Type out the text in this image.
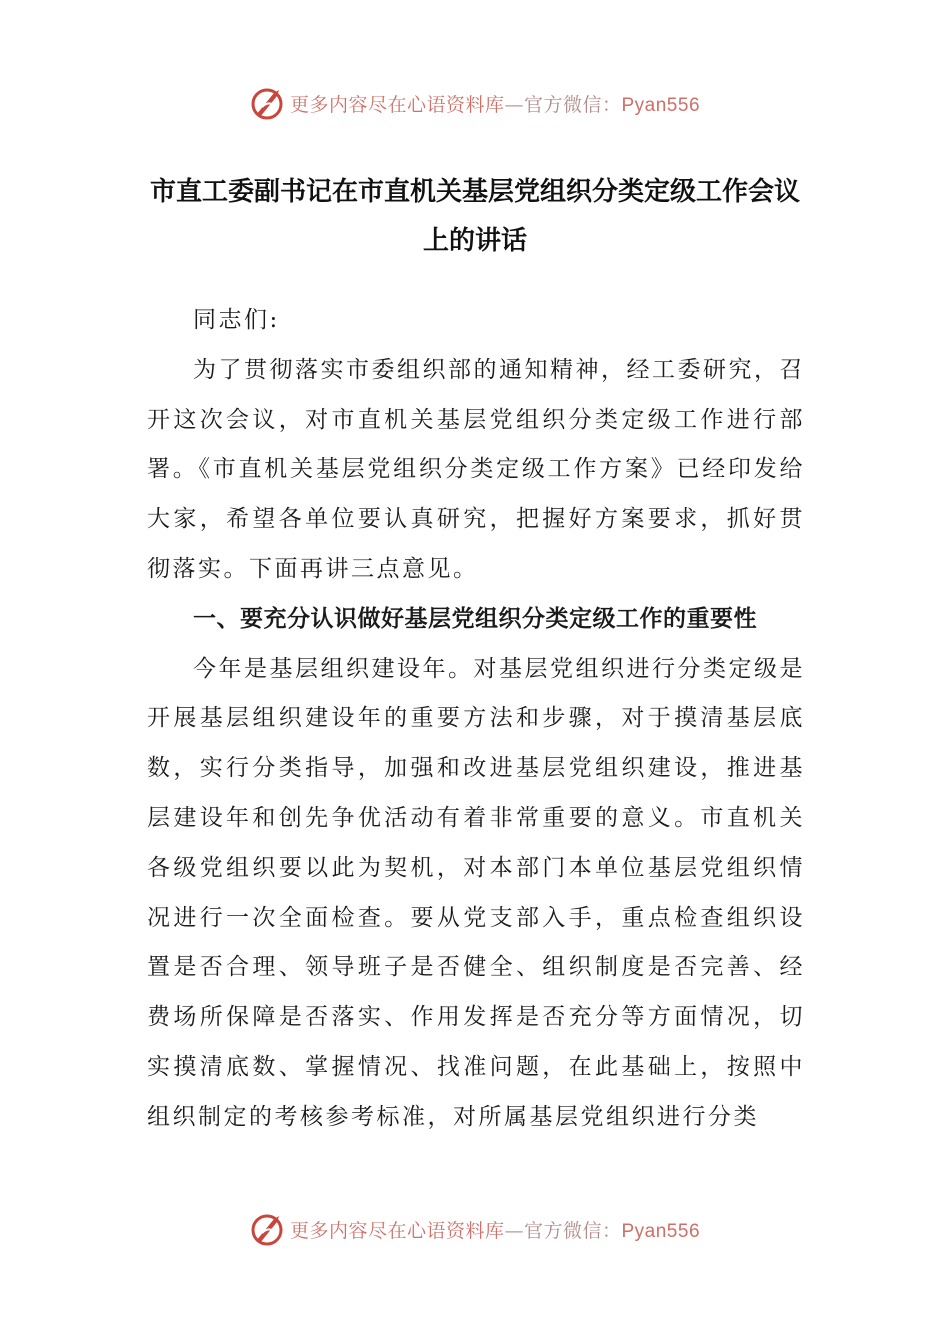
更多内容尽在心语资料库—官方微信：Pyan556
市直工委副书记在市直机关基层党组织分类定级工作会议上的讲话

同志们:

为了贯彻落实市委组织部的通知精神，经工委研究，召开这次会议，对市直机关基层党组织分类定级工作进行部署。《市直机关基层党组织分类定级工作方案》已经印发给大家，希望各单位要认真研究，把握好方案要求，抓好贯彻落实。下面再讲三点意见。

一、要充分认识做好基层党组织分类定级工作的重要性

今年是基层组织建设年。对基层党组织进行分类定级是开展基层组织建设年的重要方法和步骤，对于摸清基层底数，实行分类指导，加强和改进基层党组织建设，推进基层建设年和创先争优活动有着非常重要的意义。市直机关各级党组织要以此为契机，对本部门本单位基层党组织情况进行一次全面检查。要从党支部入手，重点检查组织设置是否合理、领导班子是否健全、组织制度是否完善、经费场所保障是否落实、作用发挥是否充分等方面情况，切实摸清底数、掌握情况、找准问题，在此基础上，按照中组织制定的考核参考标准，对所属基层党组织进行分类

更多内容尽在心语资料库—官方微信：Pyan556
